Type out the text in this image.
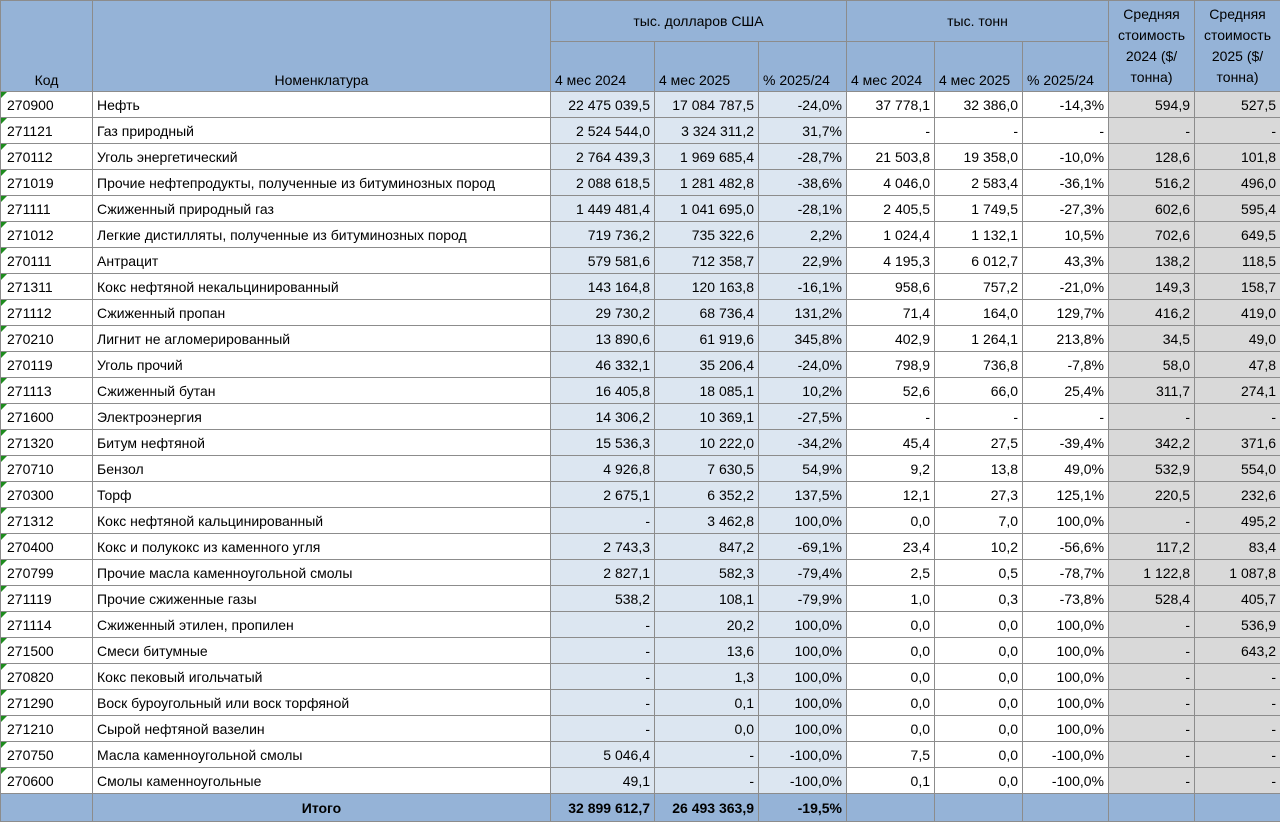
Код	Номенклатура	тыс. долларов США			тыс. тонн			Средняя стоимость 2024 ($/тонна)	Средняя стоимость 2025 ($/тонна)
		4 мес 2024	4 мес 2025	% 2025/24	4 мес 2024	4 мес 2025	% 2025/24		
270900	Нефть	22 475 039,5	17 084 787,5	-24,0%	37 778,1	32 386,0	-14,3%	594,9	527,5
271121	Газ природный	2 524 544,0	3 324 311,2	31,7%	-	-	-	-	-
270112	Уголь энергетический	2 764 439,3	1 969 685,4	-28,7%	21 503,8	19 358,0	-10,0%	128,6	101,8
271019	Прочие нефтепродукты, полученные из битуминозных пород	2 088 618,5	1 281 482,8	-38,6%	4 046,0	2 583,4	-36,1%	516,2	496,0
271111	Сжиженный природный газ	1 449 481,4	1 041 695,0	-28,1%	2 405,5	1 749,5	-27,3%	602,6	595,4
271012	Легкие дистилляты, полученные из битуминозных пород	719 736,2	735 322,6	2,2%	1 024,4	1 132,1	10,5%	702,6	649,5
270111	Антрацит	579 581,6	712 358,7	22,9%	4 195,3	6 012,7	43,3%	138,2	118,5
271311	Кокс нефтяной некальцинированный	143 164,8	120 163,8	-16,1%	958,6	757,2	-21,0%	149,3	158,7
271112	Сжиженный пропан	29 730,2	68 736,4	131,2%	71,4	164,0	129,7%	416,2	419,0
270210	Лигнит не агломерированный	13 890,6	61 919,6	345,8%	402,9	1 264,1	213,8%	34,5	49,0
270119	Уголь прочий	46 332,1	35 206,4	-24,0%	798,9	736,8	-7,8%	58,0	47,8
271113	Сжиженный бутан	16 405,8	18 085,1	10,2%	52,6	66,0	25,4%	311,7	274,1
271600	Электроэнергия	14 306,2	10 369,1	-27,5%	-	-	-	-	-
271320	Битум нефтяной	15 536,3	10 222,0	-34,2%	45,4	27,5	-39,4%	342,2	371,6
270710	Бензол	4 926,8	7 630,5	54,9%	9,2	13,8	49,0%	532,9	554,0
270300	Торф	2 675,1	6 352,2	137,5%	12,1	27,3	125,1%	220,5	232,6
271312	Кокс нефтяной кальцинированный	-	3 462,8	100,0%	0,0	7,0	100,0%	-	495,2
270400	Кокс и полукокс из каменного угля	2 743,3	847,2	-69,1%	23,4	10,2	-56,6%	117,2	83,4
270799	Прочие масла каменноугольной смолы	2 827,1	582,3	-79,4%	2,5	0,5	-78,7%	1 122,8	1 087,8
271119	Прочие сжиженные газы	538,2	108,1	-79,9%	1,0	0,3	-73,8%	528,4	405,7
271114	Сжиженный этилен, пропилен	-	20,2	100,0%	0,0	0,0	100,0%	-	536,9
271500	Смеси битумные	-	13,6	100,0%	0,0	0,0	100,0%	-	643,2
270820	Кокс пековый игольчатый	-	1,3	100,0%	0,0	0,0	100,0%	-	-
271290	Воск буроугольный или воск торфяной	-	0,1	100,0%	0,0	0,0	100,0%	-	-
271210	Сырой нефтяной вазелин	-	0,0	100,0%	0,0	0,0	100,0%	-	-
270750	Масла каменноугольной смолы	5 046,4	-	-100,0%	7,5	0,0	-100,0%	-	-
270600	Смолы каменноугольные	49,1	-	-100,0%	0,1	0,0	-100,0%	-	-
	Итого	32 899 612,7	26 493 363,9	-19,5%					
